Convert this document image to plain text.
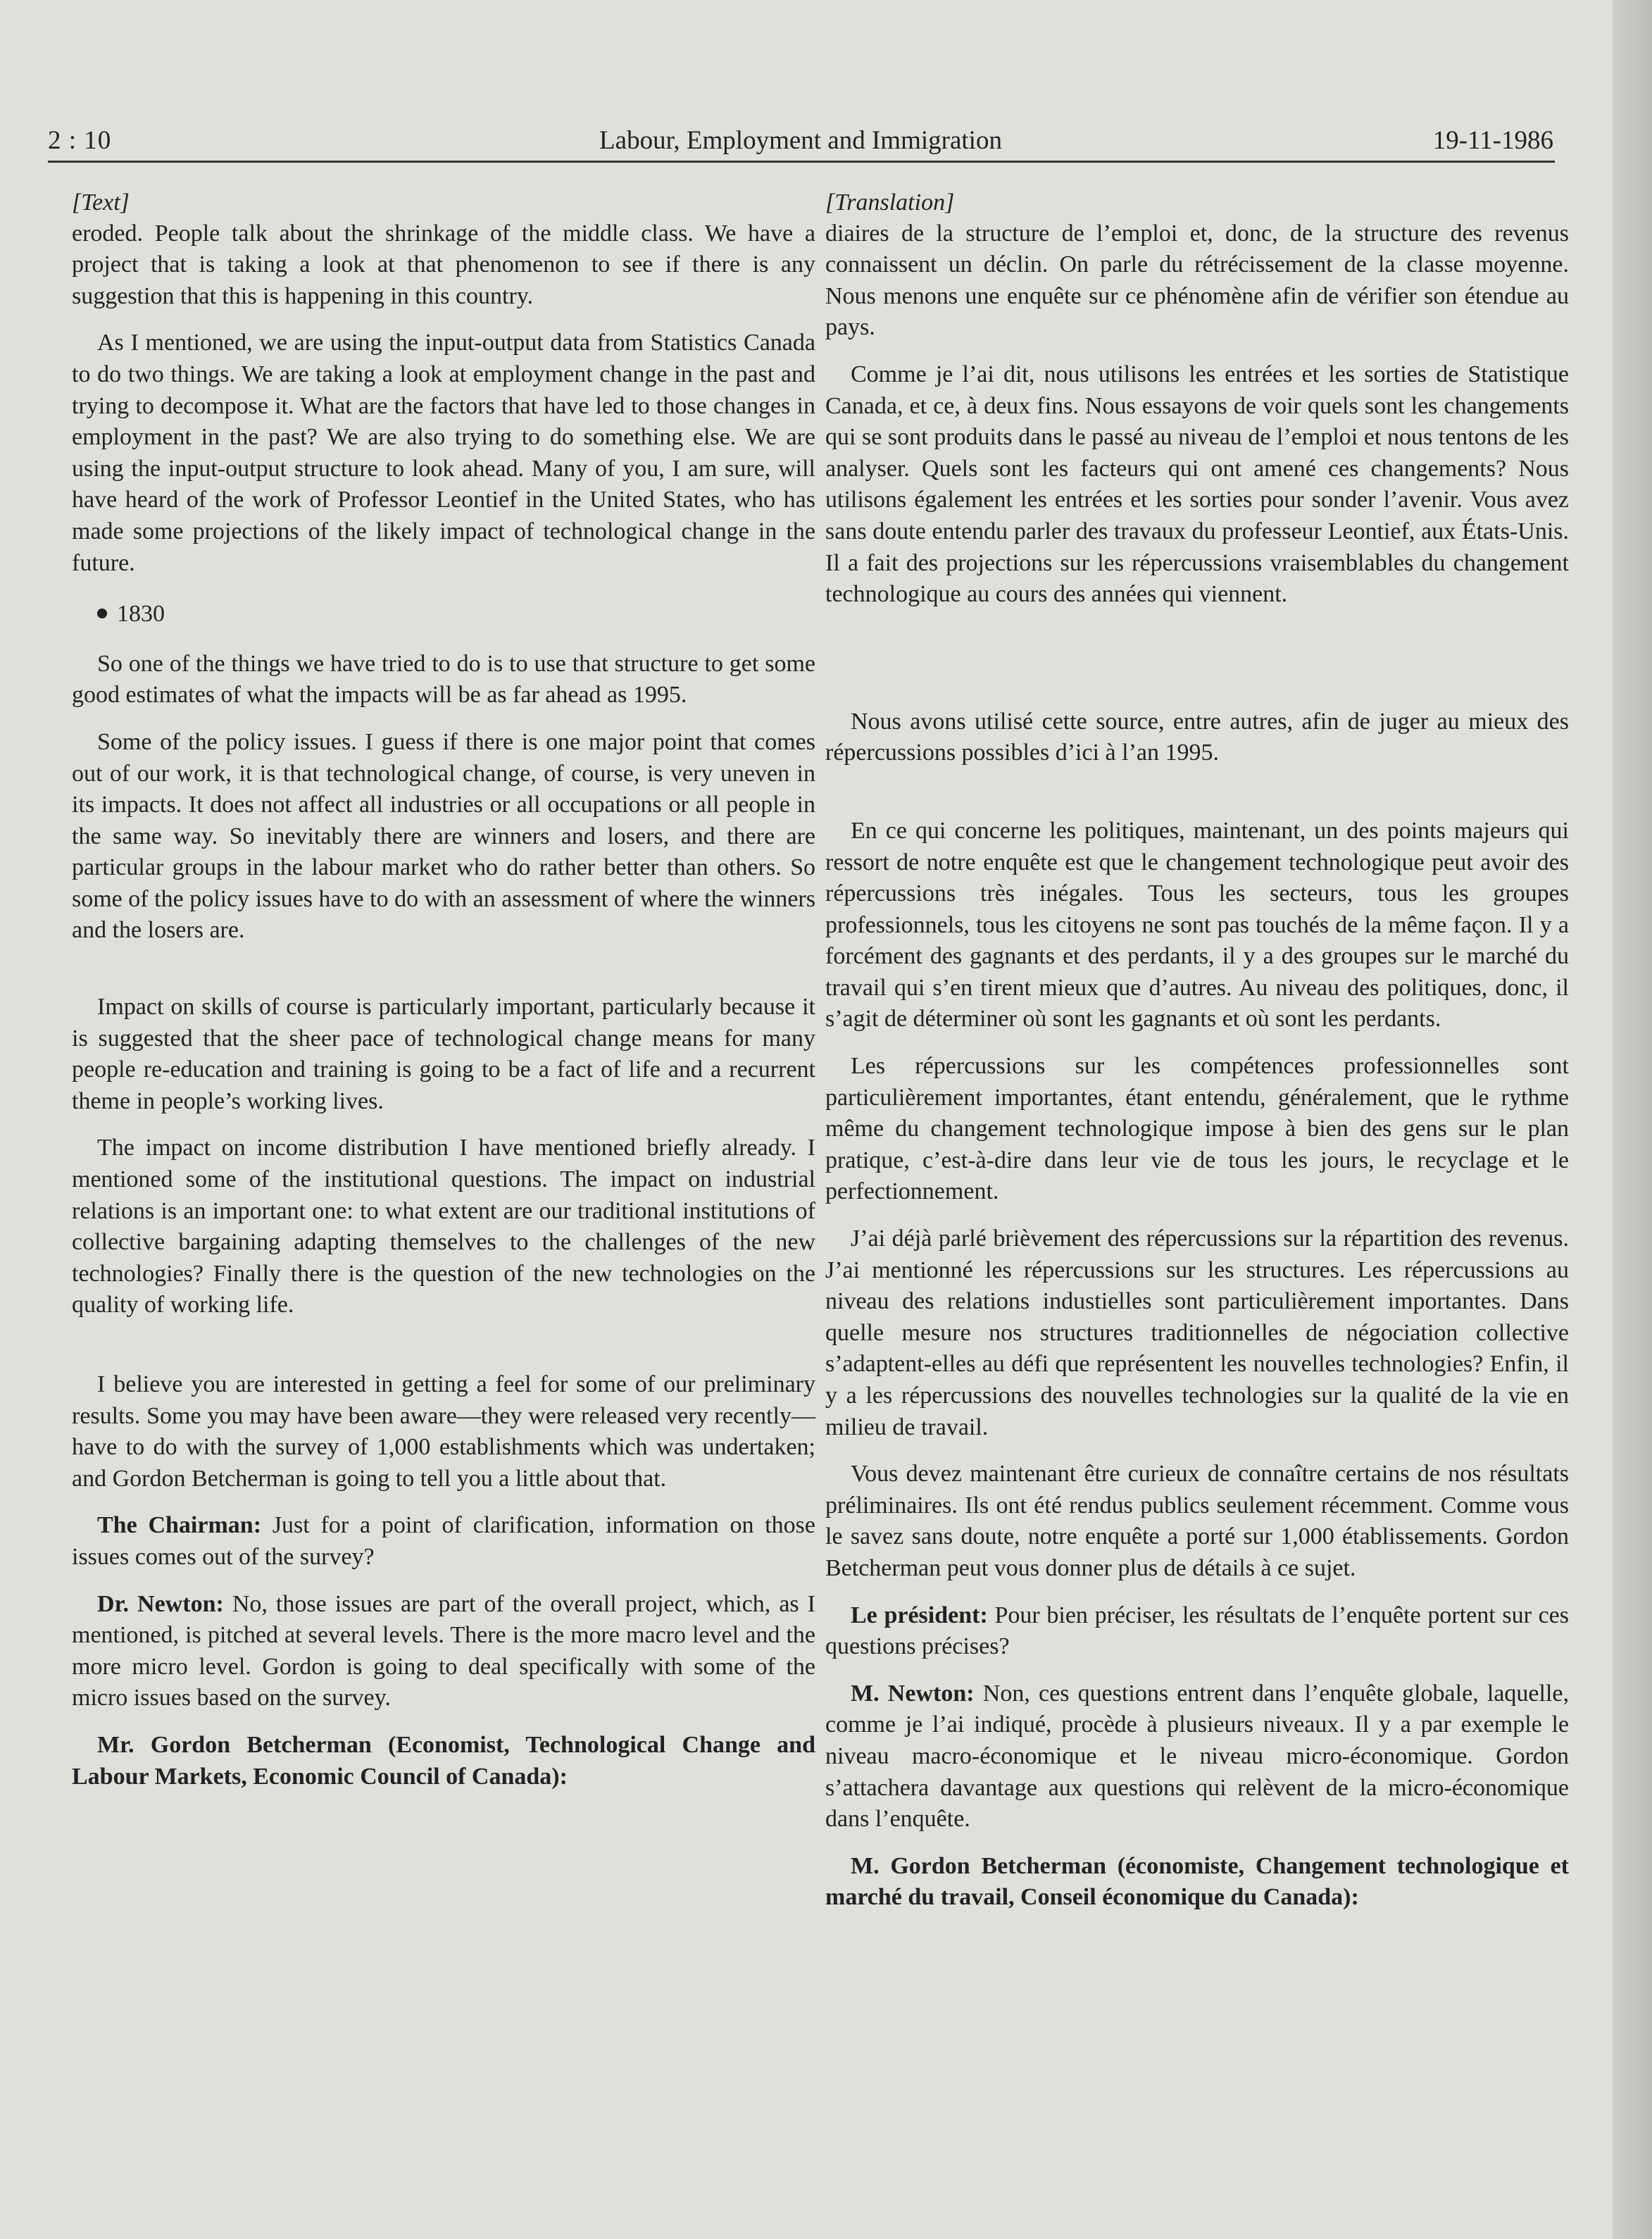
2 : 10	Labour, Employment and Immigration	19-11-1986

[Text]

eroded. People talk about the shrinkage of the middle class. We have a project that is taking a look at that phenomenon to see if there is any suggestion that this is happening in this country.

As I mentioned, we are using the input-output data from Statistics Canada to do two things. We are taking a look at employment change in the past and trying to decompose it. What are the factors that have led to those changes in employment in the past? We are also trying to do something else. We are using the input-output structure to look ahead. Many of you, I am sure, will have heard of the work of Professor Leontief in the United States, who has made some projections of the likely impact of technological change in the future.

1830

So one of the things we have tried to do is to use that structure to get some good estimates of what the impacts will be as far ahead as 1995.

Some of the policy issues. I guess if there is one major point that comes out of our work, it is that technological change, of course, is very uneven in its impacts. It does not affect all industries or all occupations or all people in the same way. So inevitably there are winners and losers, and there are particular groups in the labour market who do rather better than others. So some of the policy issues have to do with an assessment of where the winners and the losers are.

Impact on skills of course is particularly important, particularly because it is suggested that the sheer pace of technological change means for many people re-education and training is going to be a fact of life and a recurrent theme in people’s working lives.

The impact on income distribution I have mentioned briefly already. I mentioned some of the institutional questions. The impact on industrial relations is an important one: to what extent are our traditional institutions of collective bargaining adapting themselves to the challenges of the new technologies? Finally there is the question of the new technologies on the quality of working life.

I believe you are interested in getting a feel for some of our preliminary results. Some you may have been aware—they were released very recently—have to do with the survey of 1,000 establishments which was undertaken; and Gordon Betcherman is going to tell you a little about that.

The Chairman: Just for a point of clarification, information on those issues comes out of the survey?

Dr. Newton: No, those issues are part of the overall project, which, as I mentioned, is pitched at several levels. There is the more macro level and the more micro level. Gordon is going to deal specifically with some of the micro issues based on the survey.

Mr. Gordon Betcherman (Economist, Technological Change and Labour Markets, Economic Council of Canada):

[Translation]

diaires de la structure de l’emploi et, donc, de la structure des revenus connaissent un déclin. On parle du rétrécissement de la classe moyenne. Nous menons une enquête sur ce phénomène afin de vérifier son étendue au pays.

Comme je l’ai dit, nous utilisons les entrées et les sorties de Statistique Canada, et ce, à deux fins. Nous essayons de voir quels sont les changements qui se sont produits dans le passé au niveau de l’emploi et nous tentons de les analyser. Quels sont les facteurs qui ont amené ces changements? Nous utilisons également les entrées et les sorties pour sonder l’avenir. Vous avez sans doute entendu parler des travaux du professeur Leontief, aux États-Unis. Il a fait des projections sur les répercussions vraisemblables du changement technologique au cours des années qui viennent.

Nous avons utilisé cette source, entre autres, afin de juger au mieux des répercussions possibles d’ici à l’an 1995.

En ce qui concerne les politiques, maintenant, un des points majeurs qui ressort de notre enquête est que le changement technologique peut avoir des répercussions très inégales. Tous les secteurs, tous les groupes professionnels, tous les citoyens ne sont pas touchés de la même façon. Il y a forcément des gagnants et des perdants, il y a des groupes sur le marché du travail qui s’en tirent mieux que d’autres. Au niveau des politiques, donc, il s’agit de déterminer où sont les gagnants et où sont les perdants.

Les répercussions sur les compétences professionnelles sont particulièrement importantes, étant entendu, généralement, que le rythme même du changement technologique impose à bien des gens sur le plan pratique, c’est-à-dire dans leur vie de tous les jours, le recyclage et le perfectionnement.

J’ai déjà parlé brièvement des répercussions sur la répartition des revenus. J’ai mentionné les répercussions sur les structures. Les répercussions au niveau des relations industielles sont particulièrement importantes. Dans quelle mesure nos structures traditionnelles de négociation collective s’adaptent-elles au défi que représentent les nouvelles technologies? Enfin, il y a les répercussions des nouvelles technologies sur la qualité de la vie en milieu de travail.

Vous devez maintenant être curieux de connaître certains de nos résultats préliminaires. Ils ont été rendus publics seulement récemment. Comme vous le savez sans doute, notre enquête a porté sur 1,000 établissements. Gordon Betcherman peut vous donner plus de détails à ce sujet.

Le président: Pour bien préciser, les résultats de l’enquête portent sur ces questions précises?

M. Newton: Non, ces questions entrent dans l’enquête globale, laquelle, comme je l’ai indiqué, procède à plusieurs niveaux. Il y a par exemple le niveau macro-économique et le niveau micro-économique. Gordon s’attachera davantage aux questions qui relèvent de la micro-économique dans l’enquête.

M. Gordon Betcherman (économiste, Changement technologique et marché du travail, Conseil économique du Canada):
